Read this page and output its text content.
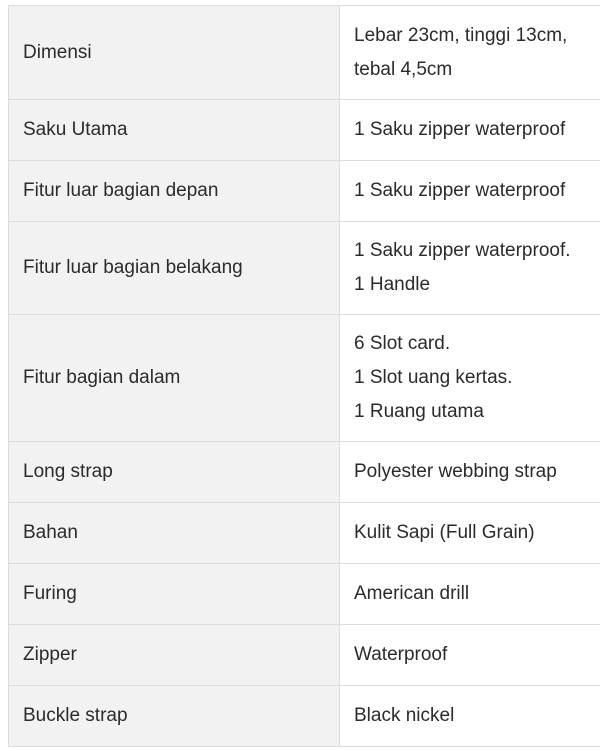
Dimensi	Lebar 23cm, tinggi 13cm,
tebal 4,5cm

Saku Utama	1 Saku zipper waterproof

Fitur luar bagian depan	1 Saku zipper waterproof

Fitur luar bagian belakang	1 Saku zipper waterproof.
1 Handle

Fitur bagian dalam	6 Slot card.
1 Slot uang kertas.
1 Ruang utama

Long strap	Polyester webbing strap

Bahan	Kulit Sapi (Full Grain)

Furing	American drill

Zipper	Waterproof

Buckle strap	Black nickel
